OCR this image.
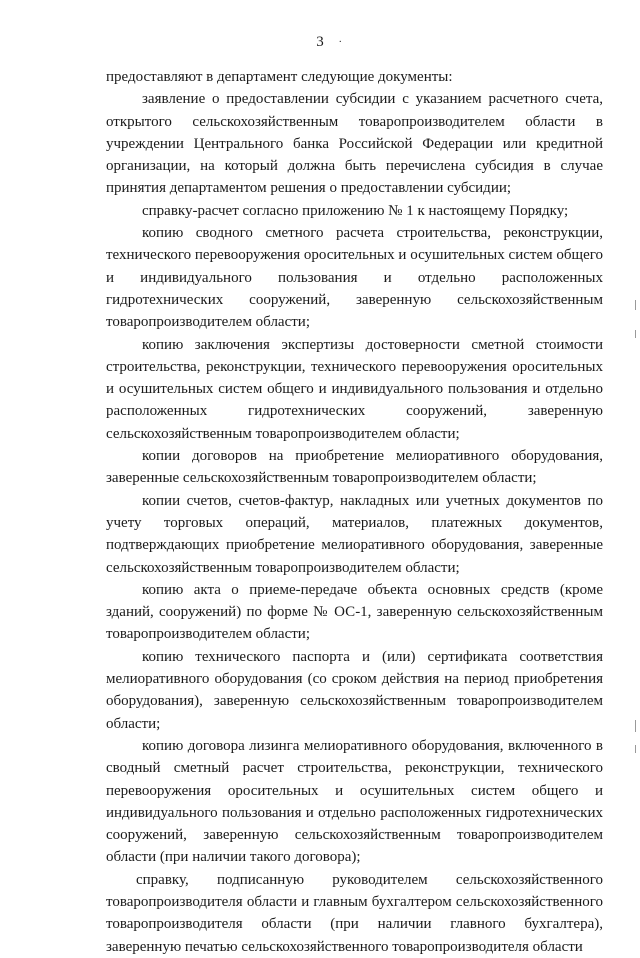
3	.

предоставляют в департамент следующие документы:

заявление о предоставлении субсидии с указанием расчетного счета, открытого сельскохозяйственным товаропроизводителем области в учреждении Центрального банка Российской Федерации или кредитной организации, на который должна быть перечислена субсидия в случае принятия департаментом решения о предоставлении субсидии;

справку-расчет согласно приложению № 1 к настоящему Порядку;

копию сводного сметного расчета строительства, реконструкции, технического перевооружения оросительных и осушительных систем общего и индивидуального пользования и отдельно расположенных гидротехнических сооружений, заверенную сельскохозяйственным товаропроизводителем области;

копию заключения экспертизы достоверности сметной стоимости строительства, реконструкции, технического перевооружения оросительных и осушительных систем общего и индивидуального пользования и отдельно расположенных гидротехнических сооружений, заверенную сельскохозяйственным товаропроизводителем области;

копии договоров на приобретение мелиоративного оборудования, заверенные сельскохозяйственным товаропроизводителем области;

копии счетов, счетов-фактур, накладных или учетных документов по учету торговых операций, материалов, платежных документов, подтверждающих приобретение мелиоративного оборудования, заверенные сельскохозяйственным товаропроизводителем области;

копию акта о приеме-передаче объекта основных средств (кроме зданий, сооружений) по форме № ОС-1, заверенную сельскохозяйственным товаропроизводителем области;

копию технического паспорта и (или) сертификата соответствия мелиоративного оборудования (со сроком действия на период приобретения оборудования), заверенную сельскохозяйственным товаропроизводителем области;

копию договора лизинга мелиоративного оборудования, включенного в сводный сметный расчет строительства, реконструкции, технического перевооружения оросительных и осушительных систем общего и индивидуального пользования и отдельно расположенных гидротехнических сооружений, заверенную сельскохозяйственным товаропроизводителем области (при наличии такого договора);

справку, подписанную руководителем сельскохозяйственного товаропроизводителя области и главным бухгалтером сельскохозяйственного товаропроизводителя области (при наличии главного бухгалтера), заверенную печатью сельскохозяйственного товаропроизводителя области
